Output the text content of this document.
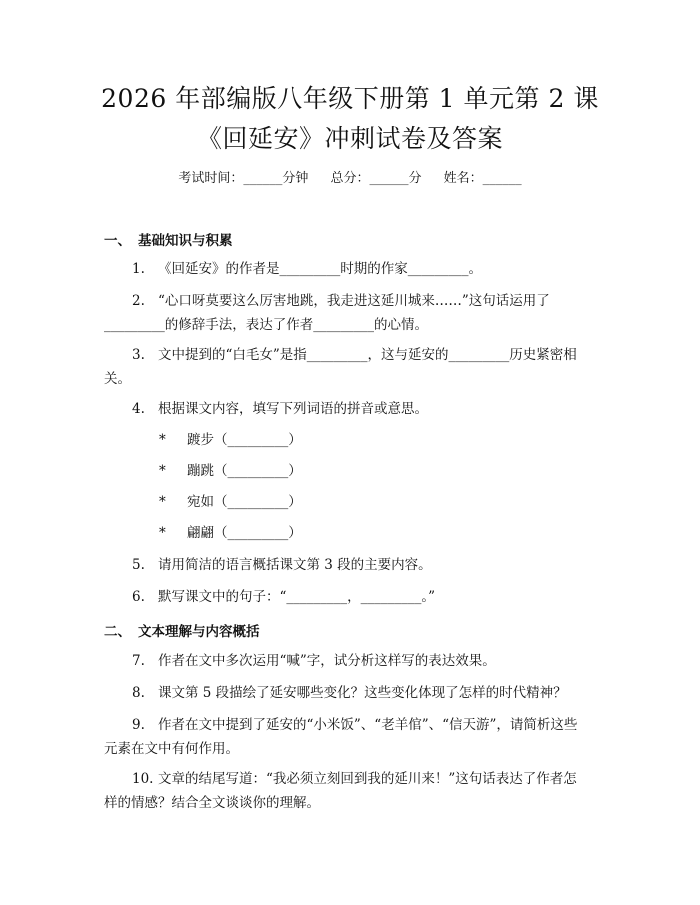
2026 年部编版八年级下册第 1 单元第 2 课
《回延安》冲刺试卷及答案
考试时间：______分钟 总分：______分 姓名：______
一、 基础知识与积累
1. 《回延安》的作者是_________时期的作家_________。
2. “心口呀莫要这么厉害地跳，我走进这延川城来……”这句话运用了_________的修辞手法，表达了作者_________的心情。
3. 文中提到的“白毛女”是指_________，这与延安的_________历史紧密相关。
4. 根据课文内容，填写下列词语的拼音或意思。
* 踱步（_________）
* 蹦跳（_________）
* 宛如（_________）
* 翩翩（_________）
5. 请用简洁的语言概括课文第 3 段的主要内容。
6. 默写课文中的句子：“_________，_________。”
二、 文本理解与内容概括
7. 作者在文中多次运用“喊”字，试分析这样写的表达效果。
8. 课文第 5 段描绘了延安哪些变化？这些变化体现了怎样的时代精神？
9. 作者在文中提到了延安的“小米饭”、“老羊倌”、“信天游”，请简析这些元素在文中有何作用。
10. 文章的结尾写道：“我必须立刻回到我的延川来！”这句话表达了作者怎样的情感？结合全文谈谈你的理解。
